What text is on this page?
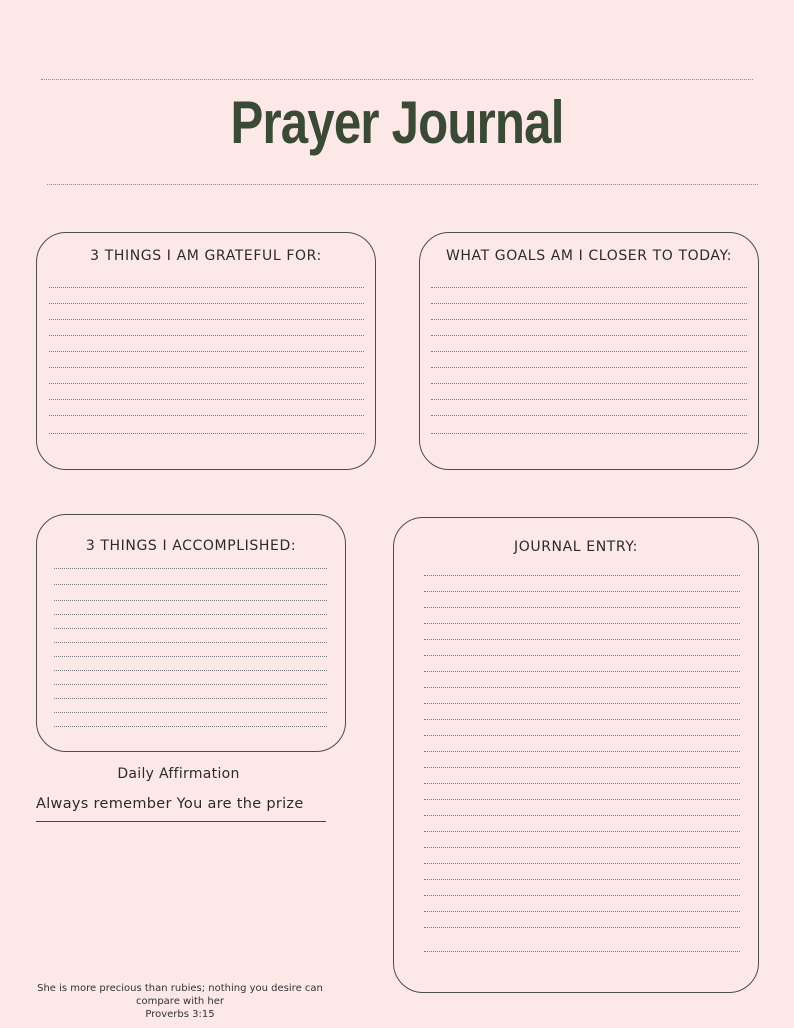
Prayer Journal
3 THINGS I AM GRATEFUL FOR:	WHAT GOALS AM I CLOSER TO TODAY:
3 THINGS I ACCOMPLISHED:	JOURNAL ENTRY:
Daily Affirmation
Always remember You are the prize
She is more precious than rubies; nothing you desire can
compare with her
Proverbs 3:15
